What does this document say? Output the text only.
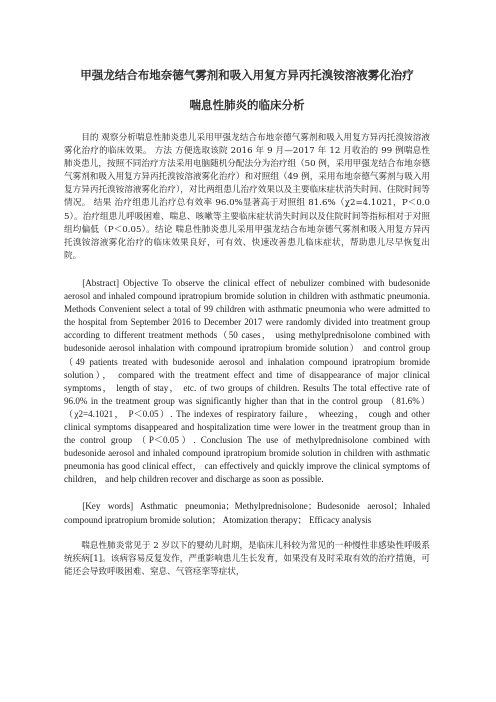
甲强龙结合布地奈德气雾剂和吸入用复方异丙托溴铵溶液雾化治疗
喘息性肺炎的临床分析

目的 观察分析喘息性肺炎患儿采用甲强龙结合布地奈德气雾剂和吸入用复方异丙托溴铵溶液雾化治疗的临床效果。 方法 方便选取该院 2016 年 9 月—2017 年 12 月收治的 99 例喘息性肺炎患儿，按照不同治疗方法采用电脑随机分配法分为治疗组（50 例，采用甲强龙结合布地奈德气雾剂和吸入用复方异丙托溴铵溶液雾化治疗）和对照组（49 例，采用布地奈德气雾剂与吸入用复方异丙托溴铵溶液雾化治疗），对比两组患儿治疗效果以及主要临床症状消失时间、住院时间等情况。 结果 治疗组患儿治疗总有效率 96.0%显著高于对照组 81.6%（χ2=4.1021，P＜0.05）。治疗组患儿呼吸困难、喘息、咳嗽等主要临床症状消失时间以及住院时间等指标相对于对照组均偏低（P＜0.05）。结论 喘息性肺炎患儿采用甲强龙结合布地奈德气雾剂和吸入用复方异丙托溴铵溶液雾化治疗的临床效果良好，可有效、快速改善患儿临床症状，帮助患儿尽早恢复出院。

[Abstract] Objective To observe the clinical effect of nebulizer combined with budesonide aerosol and inhaled compound ipratropium bromide solution in children with asthmatic pneumonia. Methods Convenient select a total of 99 children with asthmatic pneumonia who were admitted to the hospital from September 2016 to December 2017 were randomly divided into treatment group according to different treatment methods（50 cases， using methylprednisolone combined with budesonide aerosol inhalation with compound ipratropium bromide solution） and control group（49 patients treated with budesonide aerosol and inhalation compound ipratropium bromide solution）， compared with the treatment effect and time of disappearance of major clinical symptoms， length of stay， etc. of two groups of children. Results The total effective rate of 96.0% in the treatment group was significantly higher than that in the control group （81.6%）（χ2=4.1021， P＜0.05）. The indexes of respiratory failure， wheezing， cough and other clinical symptoms disappeared and hospitalization time were lower in the treatment group than in the control group （P＜0.05）. Conclusion The use of methylprednisolone combined with budesonide aerosol and inhaled compound ipratropium bromide solution in children with asthmatic pneumonia has good clinical effect， can effectively and quickly improve the clinical symptoms of children， and help children recover and discharge as soon as possible.

[Key words] Asthmatic pneumonia；Methylprednisolone；Budesonide aerosol；Inhaled compound ipratropium bromide solution； Atomization therapy； Efficacy analysis

喘息性肺炎常见于 2 岁以下的婴幼儿时期，是临床儿科较为常见的一种慢性非感染性呼吸系统疾病[1]。该病容易反复发作，严重影响患儿生长发育，如果没有及时采取有效的治疗措施，可能还会导致呼吸困难、窒息、气管痉挛等症状，
